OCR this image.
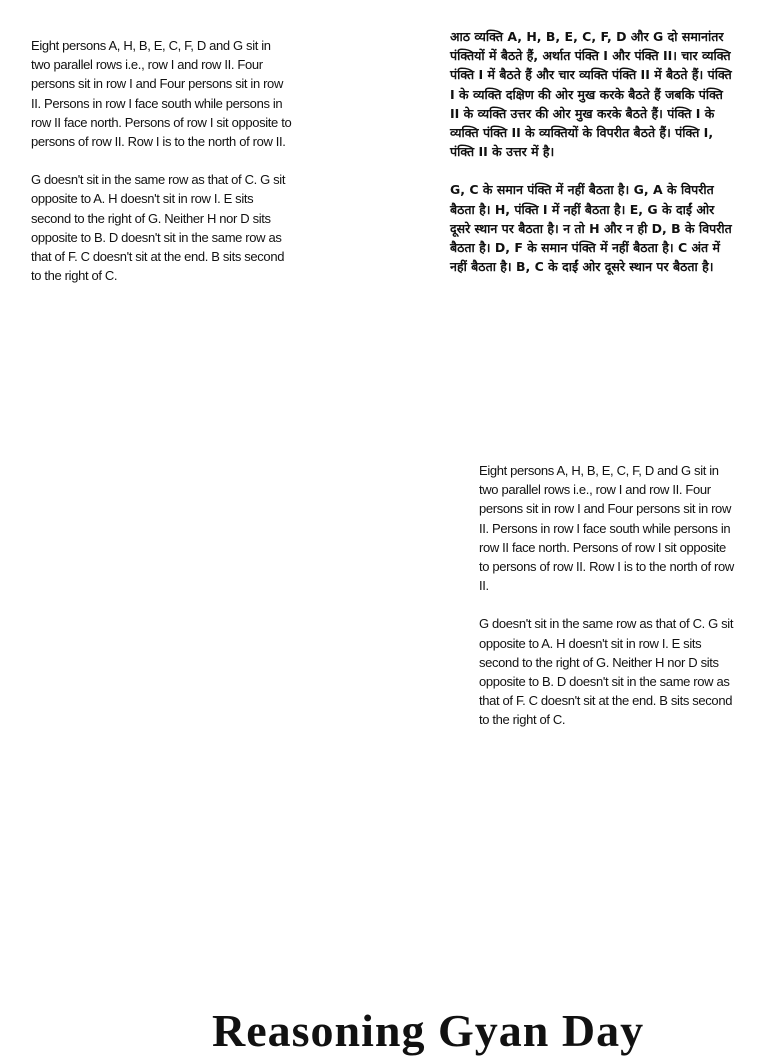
Eight persons A, H, B, E, C, F, D and G sit in two parallel rows i.e., row I and row II. Four persons sit in row I and Four persons sit in row II. Persons in row I face south while persons in row II face north. Persons of row I sit opposite to persons of row II. Row I is to the north of row II.

G doesn't sit in the same row as that of C. G sit opposite to A. H doesn't sit in row I. E sits second to the right of G. Neither H nor D sits opposite to B. D doesn't sit in the same row as that of F. C doesn't sit at the end. B sits second to the right of C.

आठ व्यक्ति A, H, B, E, C, F, D और G दो समानांतर पंक्तियों में बैठते हैं, अर्थात पंक्ति I और पंक्ति II। चार व्यक्ति पंक्ति I में बैठते हैं और चार व्यक्ति पंक्ति II में बैठते हैं। पंक्ति I के व्यक्ति दक्षिण की ओर मुख करके बैठते हैं जबकि पंक्ति II के व्यक्ति उत्तर की ओर मुख करके बैठते हैं। पंक्ति I के व्यक्ति पंक्ति II के व्यक्तियों के विपरीत बैठते हैं। पंक्ति I, पंक्ति II के उत्तर में है।

G, C के समान पंक्ति में नहीं बैठता है। G, A के विपरीत बैठता है। H, पंक्ति I में नहीं बैठता है। E, G के दाईं ओर दूसरे स्थान पर बैठता है। न तो H और न ही D, B के विपरीत बैठता है। D, F के समान पंक्ति में नहीं बैठता है। C अंत में नहीं बैठता है। B, C के दाईं ओर दूसरे स्थान पर बैठता है।

Eight persons A, H, B, E, C, F, D and G sit in two parallel rows i.e., row I and row II. Four persons sit in row I and Four persons sit in row II. Persons in row I face south while persons in row II face north. Persons of row I sit opposite to persons of row II. Row I is to the north of row II.

G doesn't sit in the same row as that of C. G sit opposite to A. H doesn't sit in row I. E sits second to the right of G. Neither H nor D sits opposite to B. D doesn't sit in the same row as that of F. C doesn't sit at the end. B sits second to the right of C.

Reasoning Gyan Day
